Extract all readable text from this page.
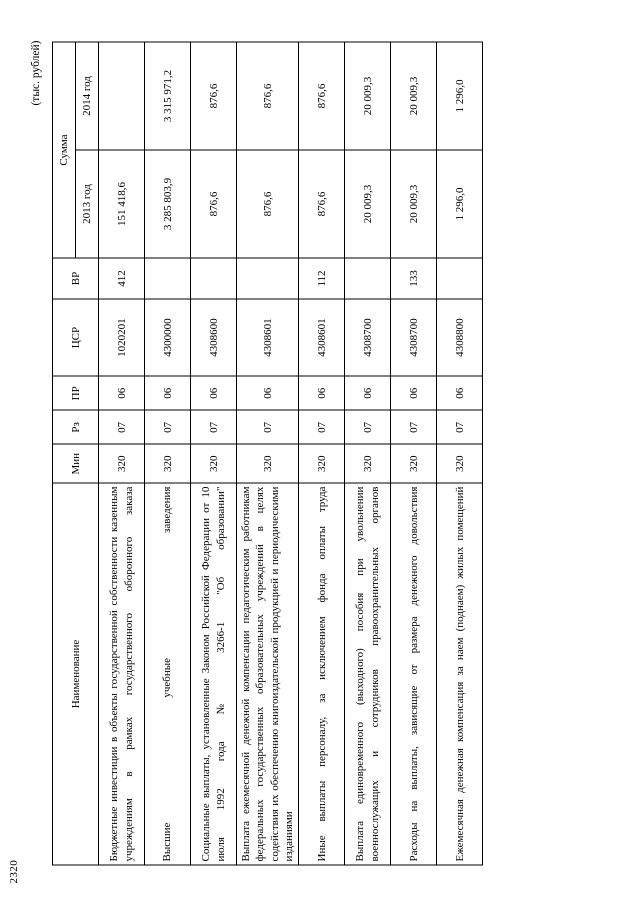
2320
(тыс. рублей)
Наименование	Мин	Рз	ПР	ЦСР	ВР	Сумма	
						2013 год	2014 год
Бюджетные инвестиции в объекты государственной собственности казенным учреждениям в рамках государственного оборонного заказа	320	07	06	1020201	412	151 418,6	
Высшие учебные заведения	320	07	06	4300000		3 285 803,9	3 315 971,2
Социальные выплаты, установленные Законом Российской Федерации от 10 июля 1992 года № 3266-1 "Об образовании"	320	07	06	4308600		876,6	876,6
Выплата ежемесячной денежной компенсации педагогическим работникам федеральных государственных образовательных учреждений в целях содействия их обеспечению книгоиздательской продукцией и периодическими изданиями	320	07	06	4308601		876,6	876,6
Иные выплаты персоналу, за исключением фонда оплаты труда	320	07	06	4308601	112	876,6	876,6
Выплата единовременного (выходного) пособия при увольнении военнослужащих и сотрудников правоохранительных органов	320	07	06	4308700		20 009,3	20 009,3
Расходы на выплаты, зависящие от размера денежного довольствия	320	07	06	4308700	133	20 009,3	20 009,3
Ежемесячная денежная компенсация за наем (поднаем) жилых помещений	320	07	06	4308800		1 296,0	1 296,0
